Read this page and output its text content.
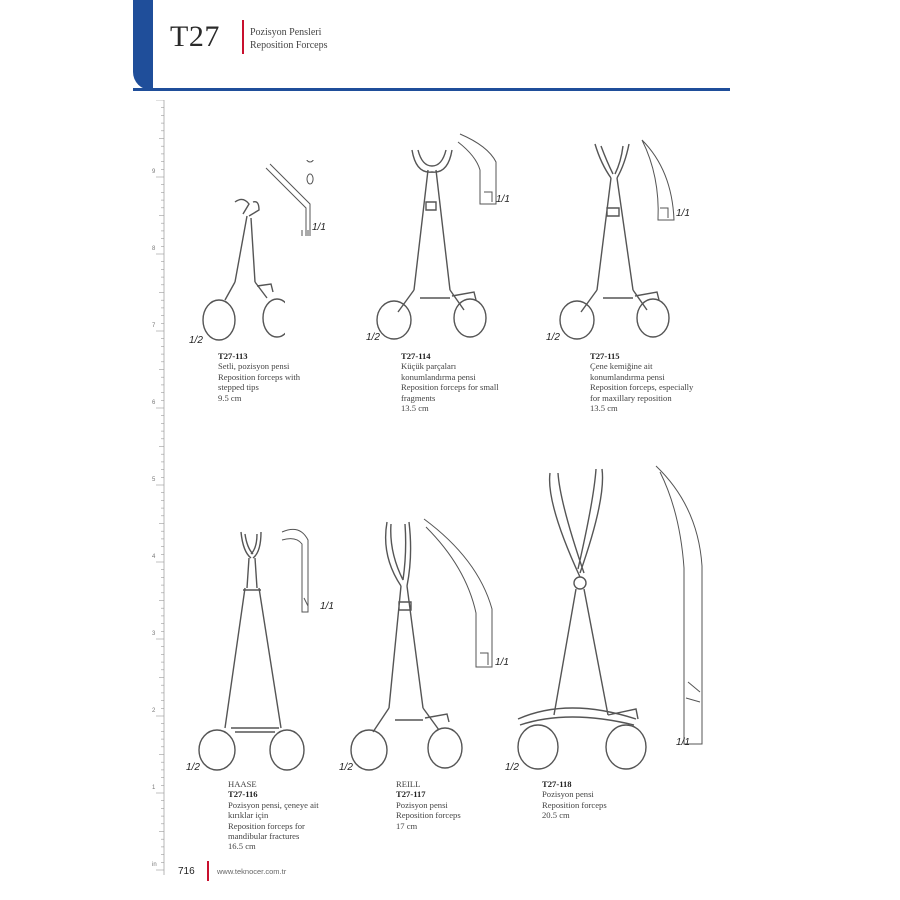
T27	Pozisyon Pensleri
Reposition Forceps
9
8
7
6
5
4
3
2
1
in
1/1
1/2
T27-113
Setli, pozisyon pensi
Reposition forceps with
stepped tips
9.5 cm
1/1
1/2
T27-114
Küçük parçaları
konumlandırma pensi
Reposition forceps for small
fragments
13.5 cm
1/1
1/2
T27-115
Çene kemiğine ait
konumlandırma pensi
Reposition forceps, especially
for maxillary reposition
13.5 cm
1/1
1/2
HAASE
T27-116
Pozisyon pensi, çeneye ait
kırıklar için
Reposition forceps for
mandibular fractures
16.5 cm
1/1
1/2
REILL
T27-117
Pozisyon pensi
Reposition forceps
17 cm
1/1
1/2
T27-118
Pozisyon pensi
Reposition forceps
20.5 cm
716	www.teknocer.com.tr
